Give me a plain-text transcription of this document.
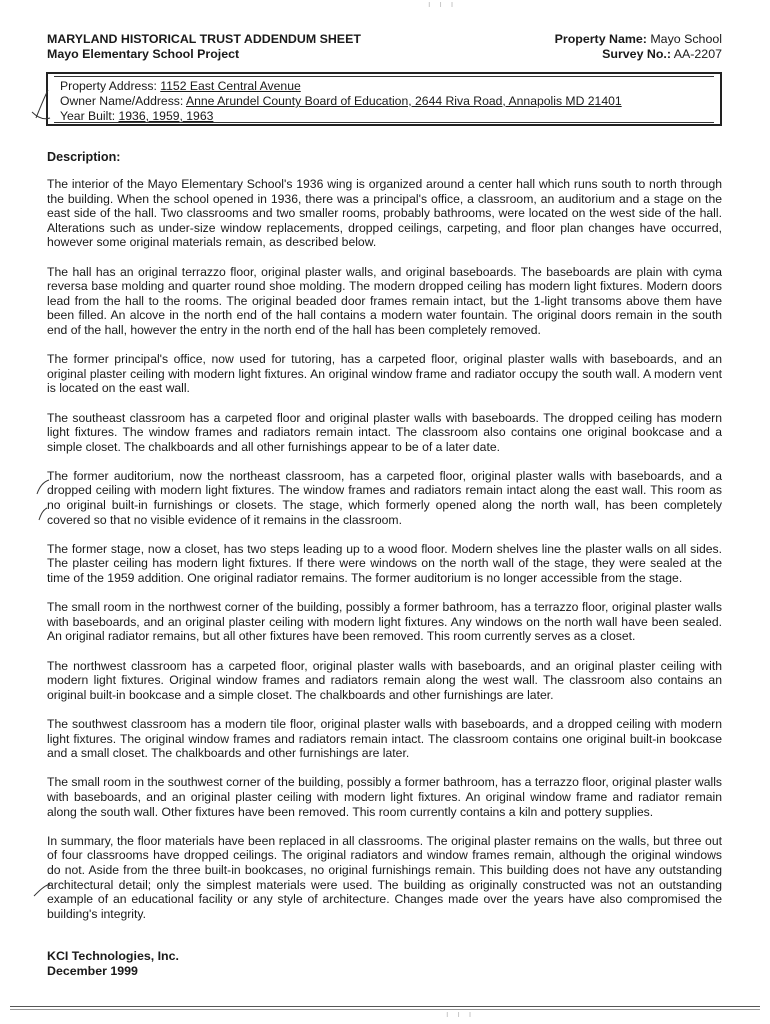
ı ı ı
MARYLAND HISTORICAL TRUST ADDENDUM SHEET
Mayo Elementary School Project
Property Name: Mayo School
Survey No.: AA-2207
Property Address: 1152 East Central Avenue
Owner Name/Address: Anne Arundel County Board of Education, 2644 Riva Road, Annapolis MD 21401
Year Built: 1936, 1959, 1963
Description:

The interior of the Mayo Elementary School's 1936 wing is organized around a center hall which runs south to north through the building. When the school opened in 1936, there was a principal's office, a classroom, an auditorium and a stage on the east side of the hall. Two classrooms and two smaller rooms, probably bathrooms, were located on the west side of the hall. Alterations such as under-size window replacements, dropped ceilings, carpeting, and floor plan changes have occurred, however some original materials remain, as described below.

The hall has an original terrazzo floor, original plaster walls, and original baseboards. The baseboards are plain with cyma reversa base molding and quarter round shoe molding. The modern dropped ceiling has modern light fixtures. Modern doors lead from the hall to the rooms. The original beaded door frames remain intact, but the 1-light transoms above them have been filled. An alcove in the north end of the hall contains a modern water fountain. The original doors remain in the south end of the hall, however the entry in the north end of the hall has been completely removed.

The former principal's office, now used for tutoring, has a carpeted floor, original plaster walls with baseboards, and an original plaster ceiling with modern light fixtures. An original window frame and radiator occupy the south wall. A modern vent is located on the east wall.

The southeast classroom has a carpeted floor and original plaster walls with baseboards. The dropped ceiling has modern light fixtures. The window frames and radiators remain intact. The classroom also contains one original bookcase and a simple closet. The chalkboards and all other furnishings appear to be of a later date.

The former auditorium, now the northeast classroom, has a carpeted floor, original plaster walls with baseboards, and a dropped ceiling with modern light fixtures. The window frames and radiators remain intact along the east wall. This room as no original built-in furnishings or closets. The stage, which formerly opened along the north wall, has been completely covered so that no visible evidence of it remains in the classroom.

The former stage, now a closet, has two steps leading up to a wood floor. Modern shelves line the plaster walls on all sides. The plaster ceiling has modern light fixtures. If there were windows on the north wall of the stage, they were sealed at the time of the 1959 addition. One original radiator remains. The former auditorium is no longer accessible from the stage.

The small room in the northwest corner of the building, possibly a former bathroom, has a terrazzo floor, original plaster walls with baseboards, and an original plaster ceiling with modern light fixtures. Any windows on the north wall have been sealed. An original radiator remains, but all other fixtures have been removed. This room currently serves as a closet.

The northwest classroom has a carpeted floor, original plaster walls with baseboards, and an original plaster ceiling with modern light fixtures. Original window frames and radiators remain along the west wall. The classroom also contains an original built-in bookcase and a simple closet. The chalkboards and other furnishings are later.

The southwest classroom has a modern tile floor, original plaster walls with baseboards, and a dropped ceiling with modern light fixtures. The original window frames and radiators remain intact. The classroom contains one original built-in bookcase and a small closet. The chalkboards and other furnishings are later.

The small room in the southwest corner of the building, possibly a former bathroom, has a terrazzo floor, original plaster walls with baseboards, and an original plaster ceiling with modern light fixtures. An original window frame and radiator remain along the south wall. Other fixtures have been removed. This room currently contains a kiln and pottery supplies.

In summary, the floor materials have been replaced in all classrooms. The original plaster remains on the walls, but three out of four classrooms have dropped ceilings. The original radiators and window frames remain, although the original windows do not. Aside from the three built-in bookcases, no original furnishings remain. This building does not have any outstanding architectural detail; only the simplest materials were used. The building as originally constructed was not an outstanding example of an educational facility or any style of architecture. Changes made over the years have also compromised the building's integrity.

KCI Technologies, Inc.
December 1999
ı ı ı
